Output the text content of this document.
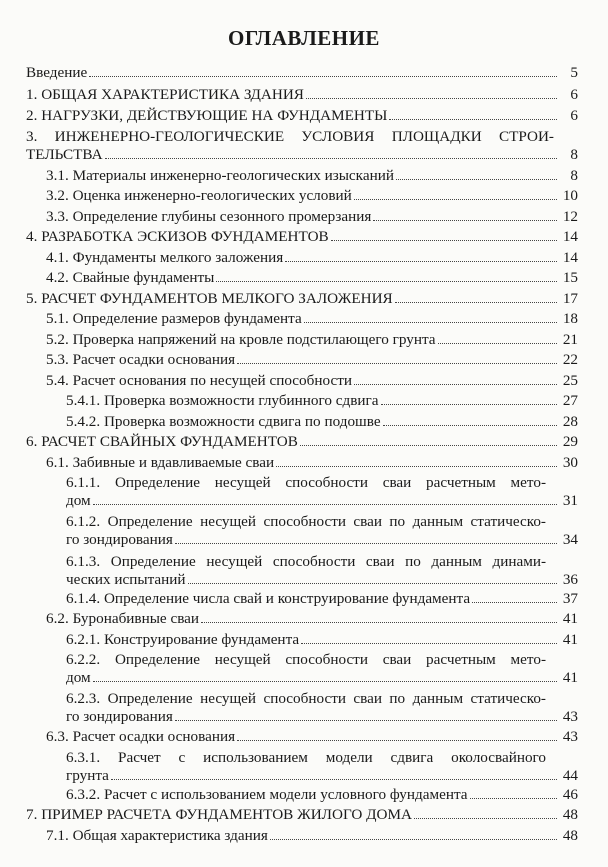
ОГЛАВЛЕНИЕ
Введение	5
1. ОБЩАЯ ХАРАКТЕРИСТИКА ЗДАНИЯ	6
2. НАГРУЗКИ, ДЕЙСТВУЮЩИЕ НА ФУНДАМЕНТЫ	6
3. ИНЖЕНЕРНО-ГЕОЛОГИЧЕСКИЕ УСЛОВИЯ ПЛОЩАДКИ СТРОИ-
ТЕЛЬСТВА	8
3.1. Материалы инженерно-геологических изысканий	8
3.2. Оценка инженерно-геологических условий	10
3.3. Определение глубины сезонного промерзания	12
4. РАЗРАБОТКА ЭСКИЗОВ ФУНДАМЕНТОВ	14
4.1. Фундаменты мелкого заложения	14
4.2. Свайные фундаменты	15
5. РАСЧЕТ ФУНДАМЕНТОВ МЕЛКОГО ЗАЛОЖЕНИЯ	17
5.1. Определение размеров фундамента	18
5.2. Проверка напряжений на кровле подстилающего грунта	21
5.3. Расчет осадки основания	22
5.4. Расчет основания по несущей способности	25
5.4.1. Проверка возможности глубинного сдвига	27
5.4.2. Проверка возможности сдвига по подошве	28
6. РАСЧЕТ СВАЙНЫХ ФУНДАМЕНТОВ	29
6.1. Забивные и вдавливаемые сваи	30
6.1.1. Определение несущей способности сваи расчетным мето-
дом	31
6.1.2. Определение несущей способности сваи по данным статическо-
го зондирования	34
6.1.3. Определение несущей способности сваи по данным динами-
ческих испытаний	36
6.1.4. Определение числа свай и конструирование фундамента	37
6.2. Буронабивные сваи	41
6.2.1. Конструирование фундамента	41
6.2.2. Определение несущей способности сваи расчетным мето-
дом	41
6.2.3. Определение несущей способности сваи по данным статическо-
го зондирования	43
6.3. Расчет осадки основания	43
6.3.1. Расчет с использованием модели сдвига околосвайного
грунта	44
6.3.2. Расчет с использованием модели условного фундамента	46
7. ПРИМЕР РАСЧЕТА ФУНДАМЕНТОВ ЖИЛОГО ДОМА	48
7.1. Общая характеристика здания	48
